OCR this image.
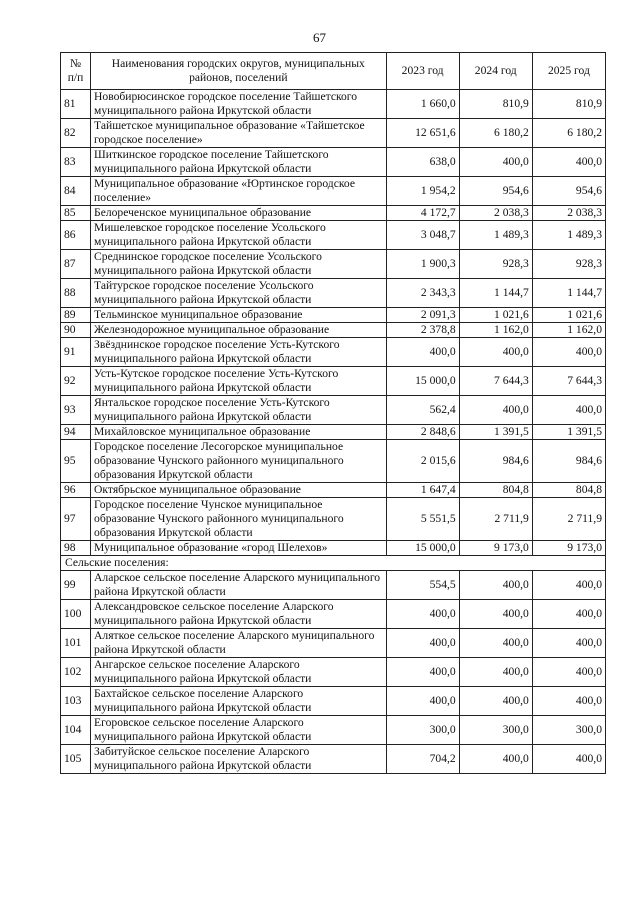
67
№ п/п	Наименования городских округов, муниципальных районов, поселений	2023 год	2024 год	2025 год
81	Новобирюсинское городское поселение Тайшетского муниципального района Иркутской области	1 660,0	810,9	810,9
82	Тайшетское муниципальное образование «Тайшетское городское поселение»	12 651,6	6 180,2	6 180,2
83	Шиткинское городское поселение Тайшетского муниципального района Иркутской области	638,0	400,0	400,0
84	Муниципальное образование «Юртинское городское поселение»	1 954,2	954,6	954,6
85	Белореченское муниципальное образование	4 172,7	2 038,3	2 038,3
86	Мишелевское городское поселение Усольского муниципального района Иркутской области	3 048,7	1 489,3	1 489,3
87	Среднинское городское поселение Усольского муниципального района Иркутской области	1 900,3	928,3	928,3
88	Тайтурское городское поселение Усольского муниципального района Иркутской области	2 343,3	1 144,7	1 144,7
89	Тельминское муниципальное образование	2 091,3	1 021,6	1 021,6
90	Железнодорожное муниципальное образование	2 378,8	1 162,0	1 162,0
91	Звёзднинское городское поселение Усть-Кутского муниципального района Иркутской области	400,0	400,0	400,0
92	Усть-Кутское городское поселение Усть-Кутского муниципального района Иркутской области	15 000,0	7 644,3	7 644,3
93	Янтальское городское поселение Усть-Кутского муниципального района Иркутской области	562,4	400,0	400,0
94	Михайловское муниципальное образование	2 848,6	1 391,5	1 391,5
95	Городское поселение Лесогорское муниципальное образование Чунского районного муниципального образования Иркутской области	2 015,6	984,6	984,6
96	Октябрьское муниципальное образование	1 647,4	804,8	804,8
97	Городское поселение Чунское муниципальное образование Чунского районного муниципального образования Иркутской области	5 551,5	2 711,9	2 711,9
98	Муниципальное образование «город Шелехов»	15 000,0	9 173,0	9 173,0
Сельские поселения:				
99	Аларское сельское поселение Аларского муниципального района Иркутской области	554,5	400,0	400,0
100	Александровское сельское поселение Аларского муниципального района Иркутской области	400,0	400,0	400,0
101	Аляткое сельское поселение Аларского муниципального района Иркутской области	400,0	400,0	400,0
102	Ангарское сельское поселение Аларского муниципального района Иркутской области	400,0	400,0	400,0
103	Бахтайское сельское поселение Аларского муниципального района Иркутской области	400,0	400,0	400,0
104	Егоровское сельское поселение Аларского муниципального района Иркутской области	300,0	300,0	300,0
105	Забитуйское сельское поселение Аларского муниципального района Иркутской области	704,2	400,0	400,0
